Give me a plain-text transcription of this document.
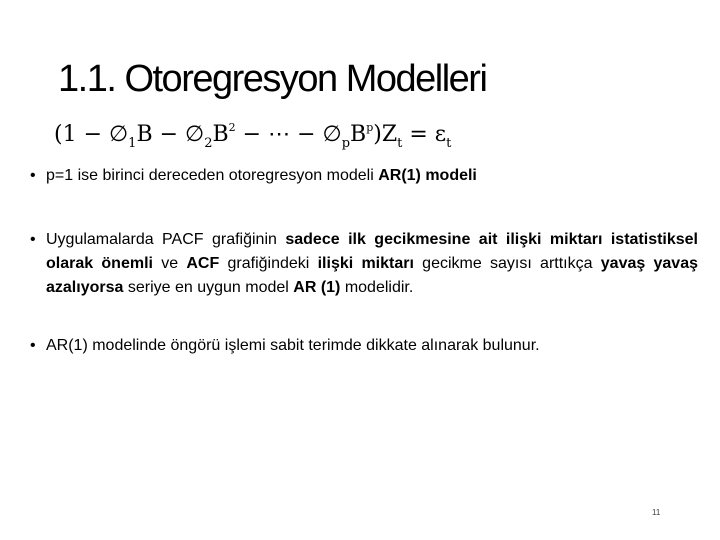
1.1. Otoregresyon Modelleri
($1 - \emptyset_1B$ − $\emptyset_2B^2$ − ⋯ − $\emptyset_pB^p)Z_t = \varepsilon_t$
• p=1 ise birinci dereceden otoregresyon modeli AR(1) modeli
• Uygulamalarda PACF grafiğinin sadece ilk gecikmesine ait ilişki miktarı istatistiksel olarak önemli ve ACF grafiğindeki ilişki miktarı gecikme sayısı arttıkça yavaş yavaş azalıyorsa seriye en uygun model AR (1) modelidir.
• AR(1) modelinde öngörü işlemi sabit terimde dikkate alınarak bulunur.
11
